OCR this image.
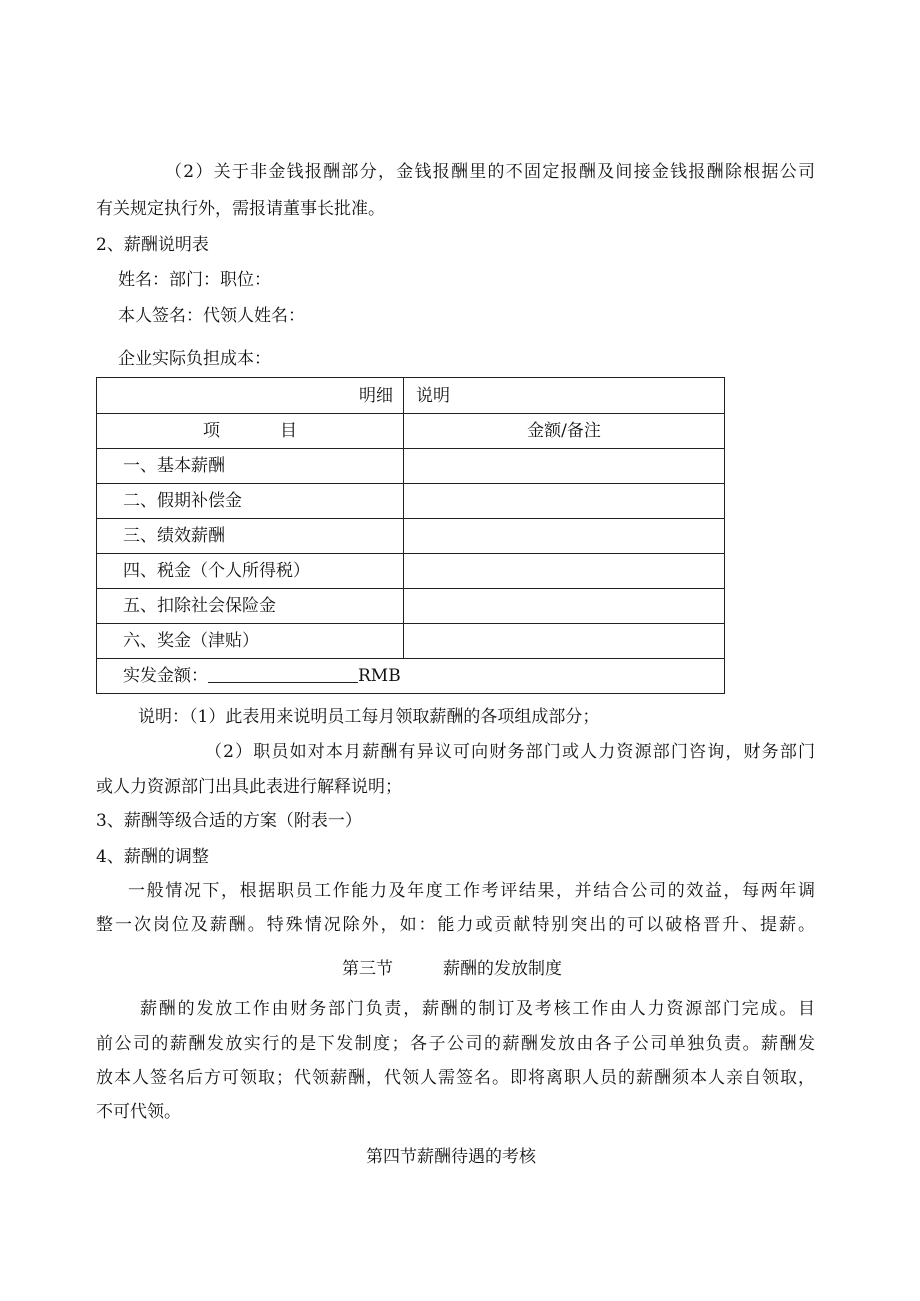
（2）关于非金钱报酬部分，金钱报酬里的不固定报酬及间接金钱报酬除根据公司
有关规定执行外，需报请董事长批准。
2、薪酬说明表
姓名：部门：职位：
本人签名：代领人姓名：
企业实际负担成本：
明细	说明
项 目	金额/备注
一、基本薪酬	
二、假期补偿金	
三、绩效薪酬	
四、税金（个人所得税）	
五、扣除社会保险金	
六、奖金（津贴）	
实发金额： RMB	
说明：（1）此表用来说明员工每月领取薪酬的各项组成部分；
（2）职员如对本月薪酬有异议可向财务部门或人力资源部门咨询，财务部门
或人力资源部门出具此表进行解释说明；
3、薪酬等级合适的方案（附表一）
4、薪酬的调整
一般情况下，根据职员工作能力及年度工作考评结果，并结合公司的效益，每两年调
整一次岗位及薪酬。特殊情况除外，如：能力或贡献特别突出的可以破格晋升、提薪。
第三节	薪酬的发放制度
薪酬的发放工作由财务部门负责，薪酬的制订及考核工作由人力资源部门完成。目
前公司的薪酬发放实行的是下发制度；各子公司的薪酬发放由各子公司单独负责。薪酬发
放本人签名后方可领取；代领薪酬，代领人需签名。即将离职人员的薪酬须本人亲自领取，
不可代领。
第四节薪酬待遇的考核
